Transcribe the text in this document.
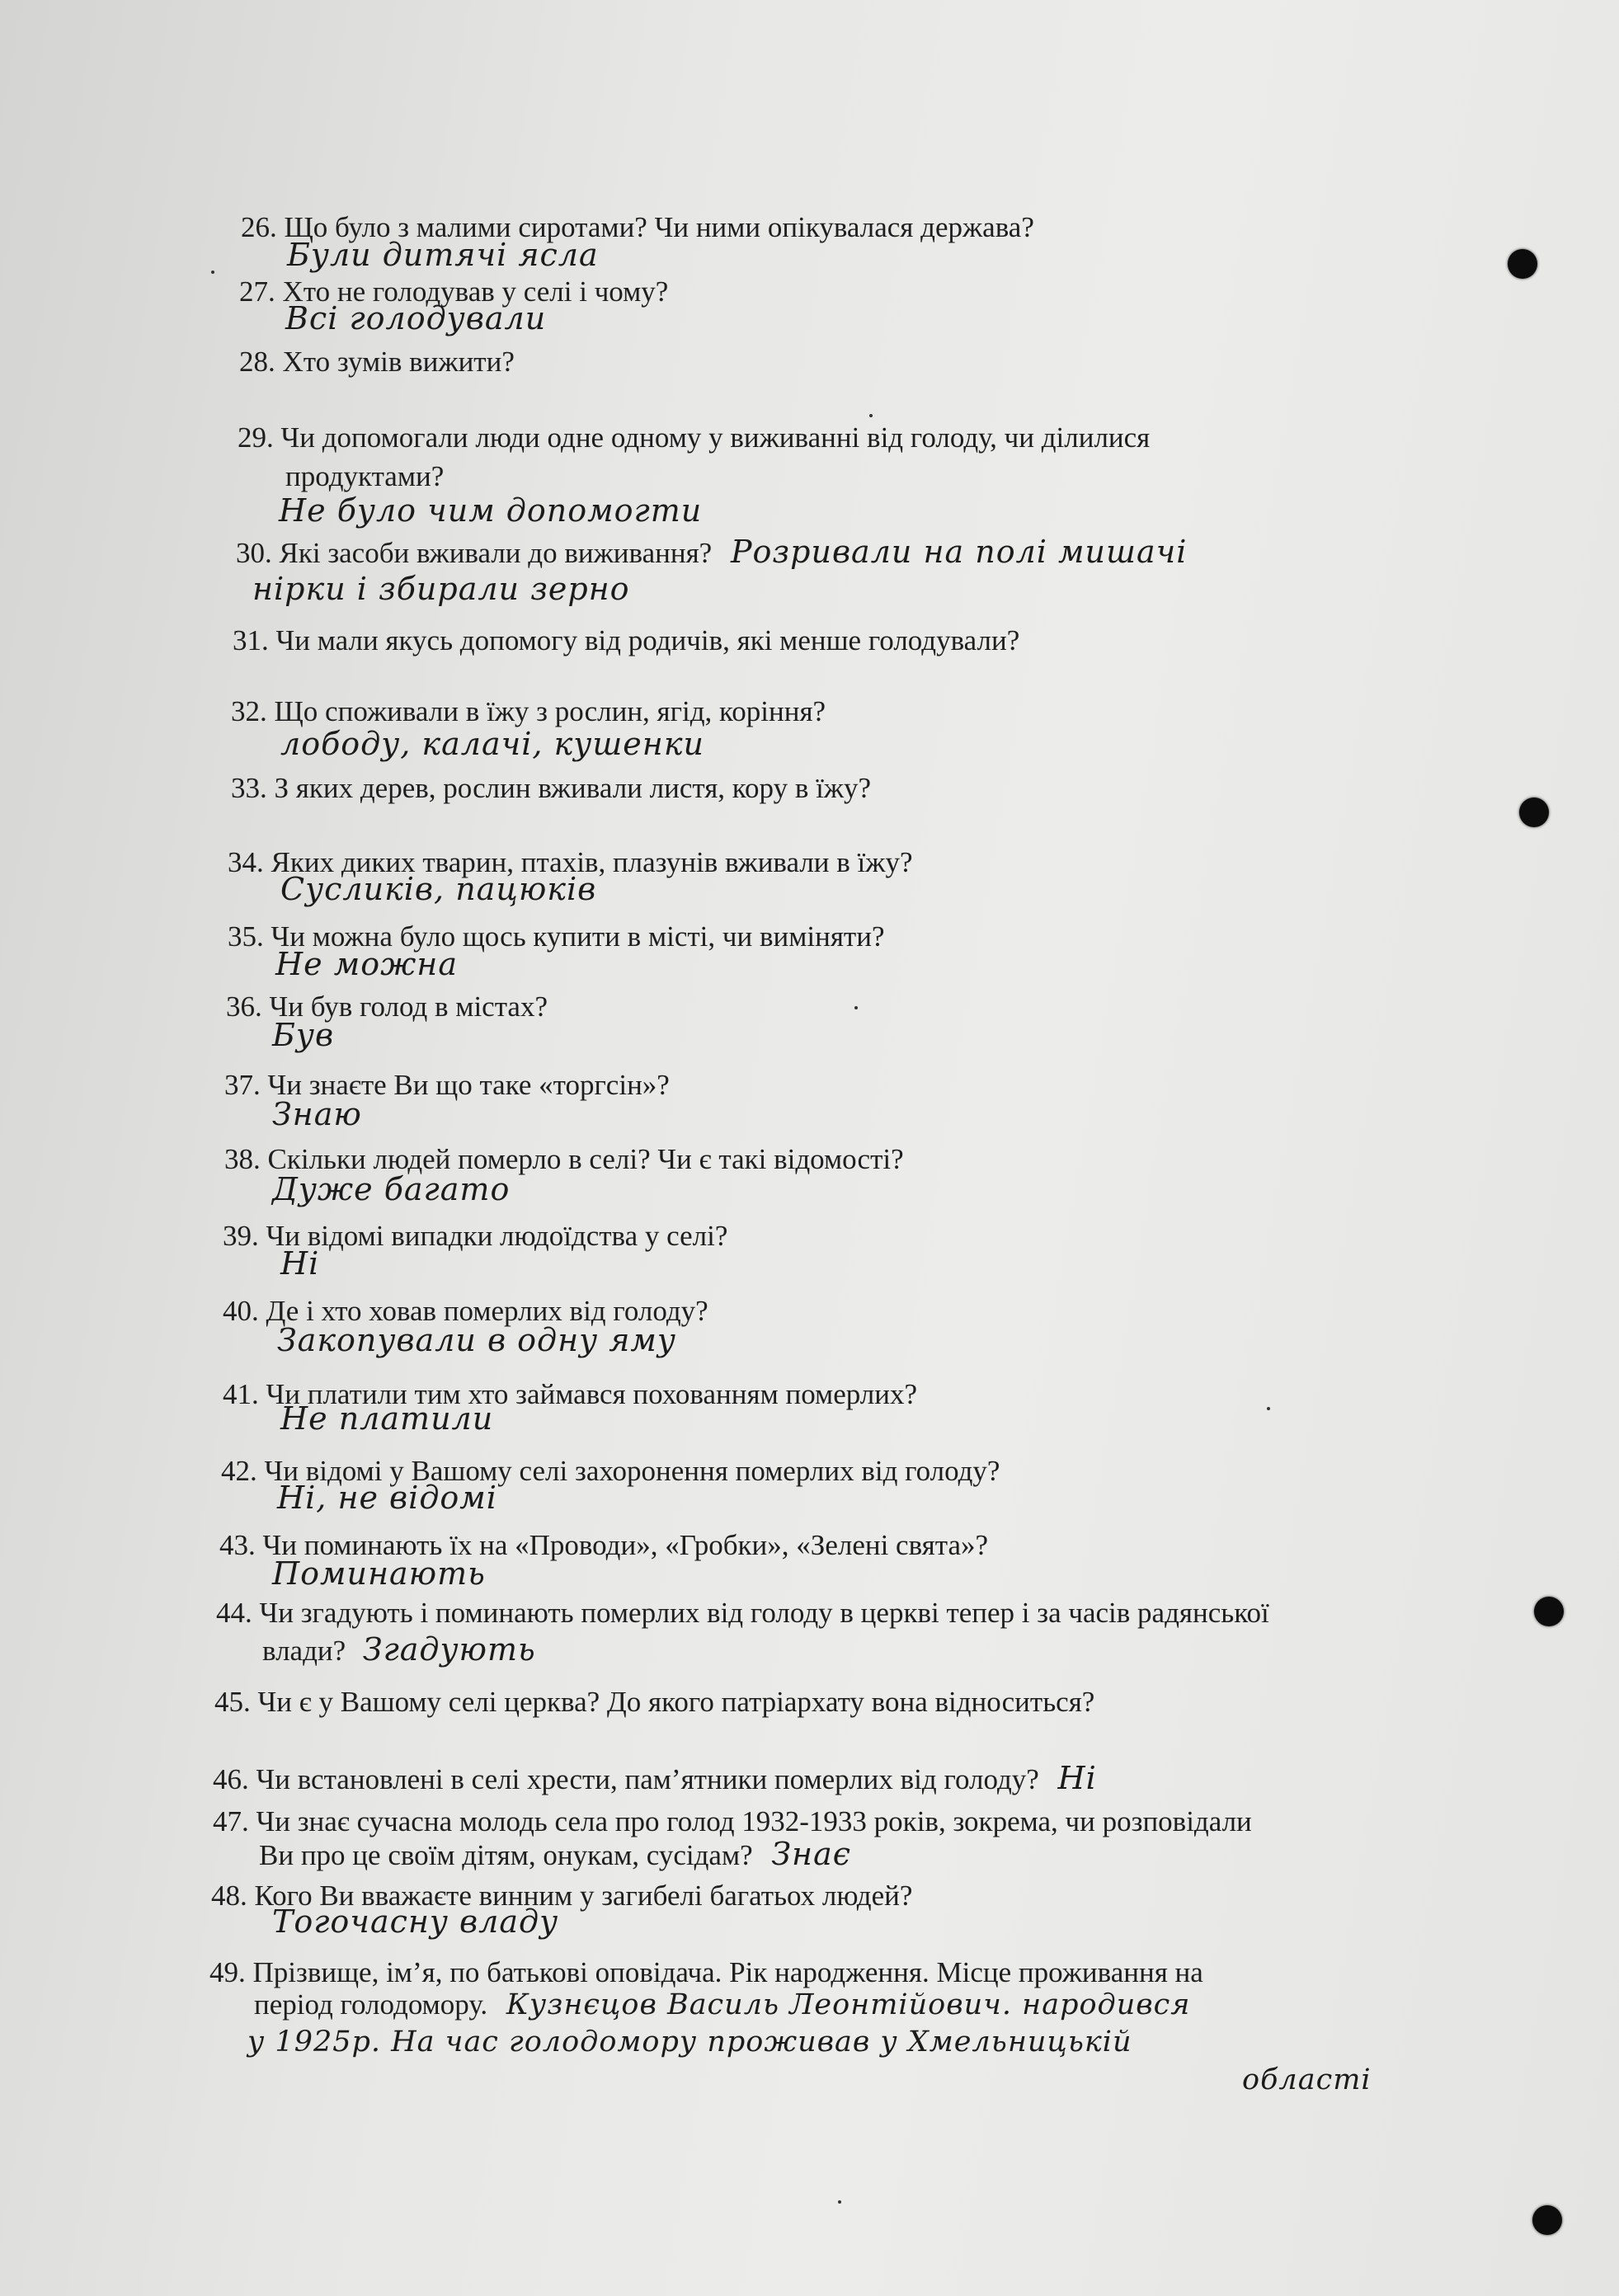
26. Що було з малими сиротами? Чи ними опікувалася держава?
Були дитячі ясла
27. Хто не голодував у селі і чому?
Всі голодували
28. Хто зумів вижити?
29. Чи допомогали люди одне одному у виживанні від голоду, чи ділилися
продуктами?
Не було чим допомогти
30. Які засоби вживали до виживання? Розривали на полі мишачі
нірки і збирали зерно
31. Чи мали якусь допомогу від родичів, які менше голодували?
32. Що споживали в їжу з рослин, ягід, коріння?
лободу, калачі, кушенки
33. З яких дерев, рослин вживали листя, кору в їжу?
34. Яких диких тварин, птахів, плазунів вживали в їжу?
Сусликів, пацюків
35. Чи можна було щось купити в місті, чи виміняти?
Не можна
36. Чи був голод в містах?
Був
37. Чи знаєте Ви що таке «торгсін»?
Знаю
38. Скільки людей померло в селі? Чи є такі відомості?
Дуже багато
39. Чи відомі випадки людоїдства у селі?
Ні
40. Де і хто ховав померлих від голоду?
Закопували в одну яму
41. Чи платили тим хто займався похованням померлих?
Не платили
42. Чи відомі у Вашому селі захоронення померлих від голоду?
Ні, не відомі
43. Чи поминають їх на «Проводи», «Гробки», «Зелені свята»?
Поминають
44. Чи згадують і поминають померлих від голоду в церкві тепер і за часів радянської
влади? Згадують
45. Чи є у Вашому селі церква? До якого патріархату вона відноситься?
46. Чи встановлені в селі хрести, пам’ятники померлих від голоду? Ні
47. Чи знає сучасна молодь села про голод 1932-1933 років, зокрема, чи розповідали
Ви про це своїм дітям, онукам, сусідам? Знає
48. Кого Ви вважаєте винним у загибелі багатьох людей?
Тогочасну владу
49. Прізвище, ім’я, по батькові оповідача. Рік народження. Місце проживання на
період голодомору. Кузнєцов Василь Леонтійович. народився
у 1925р. На час голодомору проживав у Хмельницькій
області
